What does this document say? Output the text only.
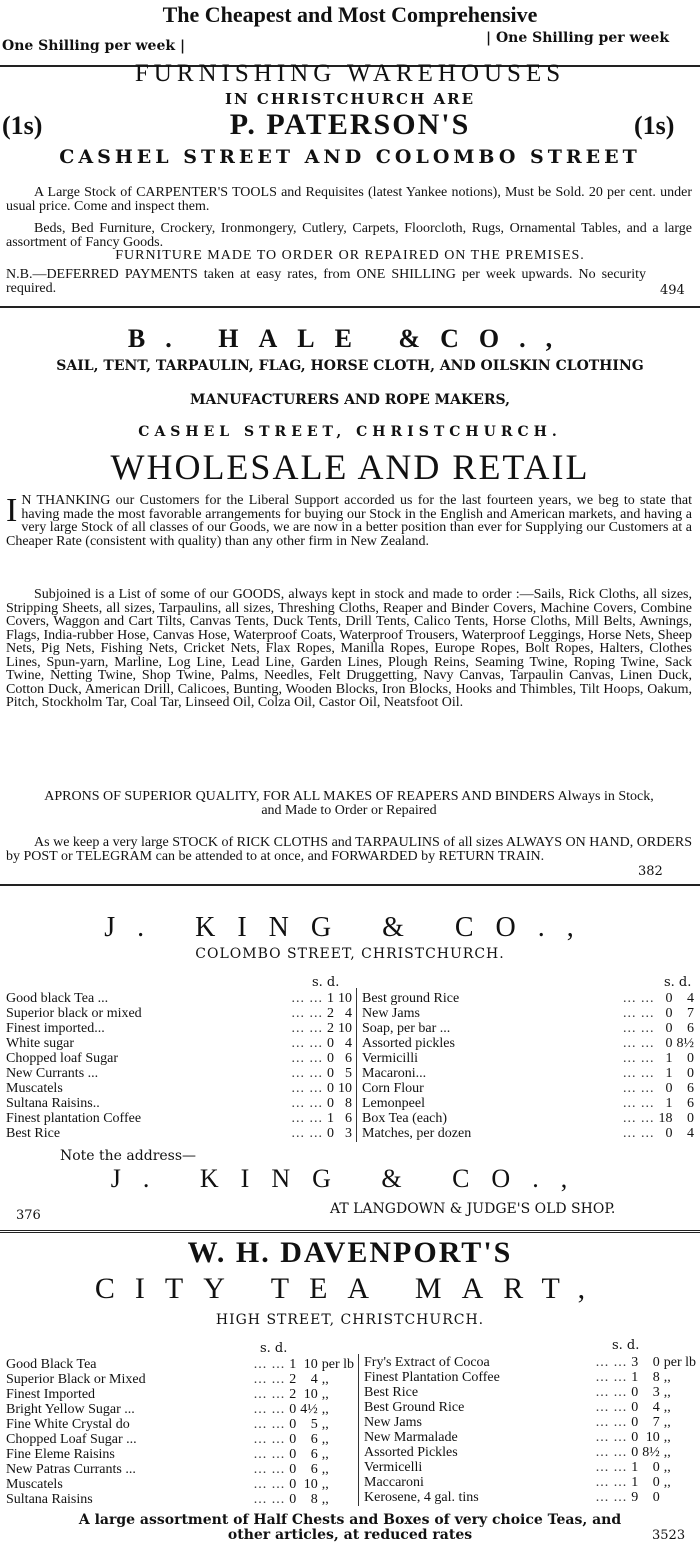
The Cheapest and Most Comprehensive
One Shilling per week |	| One Shilling per week
FURNISHING WAREHOUSES
IN CHRISTCHURCH ARE
(1s)	P. PATERSON'S	(1s)
CASHEL STREET AND COLOMBO STREET
A Large Stock of CARPENTER'S TOOLS and Requisites (latest Yankee notions), Must be Sold. 20 per cent. under usual price. Come and inspect them.
Beds, Bed Furniture, Crockery, Ironmongery, Cutlery, Carpets, Floorcloth, Rugs, Ornamental Tables, and a large assortment of Fancy Goods.
FURNITURE MADE TO ORDER OR REPAIRED ON THE PREMISES.
N.B.—DEFERRED PAYMENTS taken at easy rates, from ONE SHILLING per week upwards. No security required.	494
B. HALE &CO.,
SAIL, TENT, TARPAULIN, FLAG, HORSE CLOTH, AND OILSKIN CLOTHING
MANUFACTURERS AND ROPE MAKERS,
CASHEL STREET, CHRISTCHURCH.
WHOLESALE AND RETAIL
I N THANKING our Customers for the Liberal Support accorded us for the last fourteen years, we beg to state that having made the most favorable arrangements for buying our Stock in the English and American markets, and having a very large Stock of all classes of our Goods, we are now in a better position than ever for Supplying our Customers at a Cheaper Rate (consistent with quality) than any other firm in New Zealand.
Subjoined is a List of some of our GOODS, always kept in stock and made to order :—Sails, Rick Cloths, all sizes, Stripping Sheets, all sizes, Tarpaulins, all sizes, Threshing Cloths, Reaper and Binder Covers, Machine Covers, Combine Covers, Waggon and Cart Tilts, Canvas Tents, Duck Tents, Drill Tents, Calico Tents, Horse Cloths, Mill Belts, Awnings, Flags, India-rubber Hose, Canvas Hose, Waterproof Coats, Waterproof Trousers, Waterproof Leggings, Horse Nets, Sheep Nets, Pig Nets, Fishing Nets, Cricket Nets, Flax Ropes, Manilla Ropes, Europe Ropes, Bolt Ropes, Halters, Clothes Lines, Spun-yarn, Marline, Log Line, Lead Line, Garden Lines, Plough Reins, Seaming Twine, Roping Twine, Sack Twine, Netting Twine, Shop Twine, Palms, Needles, Felt Druggetting, Navy Canvas, Tarpaulin Canvas, Linen Duck, Cotton Duck, American Drill, Calicoes, Bunting, Wooden Blocks, Iron Blocks, Hooks and Thimbles, Tilt Hoops, Oakum, Pitch, Stockholm Tar, Coal Tar, Linseed Oil, Colza Oil, Castor Oil, Neatsfoot Oil.
APRONS OF SUPERIOR QUALITY, FOR ALL MAKES OF REAPERS AND BINDERS Always in Stock, and Made to Order or Repaired
As we keep a very large STOCK of RICK CLOTHS and TARPAULINS of all sizes ALWAYS ON HAND, ORDERS by POST or TELEGRAM can be attended to at once, and FORWARDED by RETURN TRAIN.
382
J. KING & CO.,
COLOMBO STREET, CHRISTCHURCH.
s. d.	s. d.
Good black Tea ...	... ...	1	10
Superior black or mixed	... ...	2	4
Finest imported...	... ...	2	10
White sugar	... ...	0	4
Chopped loaf Sugar	... ...	0	6
New Currants ...	... ...	0	5
Muscatels	... ...	0	10
Sultana Raisins..	... ...	0	8
Finest plantation Coffee	... ...	1	6
Best Rice	... ...	0	3
Best ground Rice	... ...	0	4
New Jams	... ...	0	7
Soap, per bar ...	... ...	0	6
Assorted pickles	... ...	0	8½
Vermicilli	... ...	1	0
Macaroni...	... ...	1	0
Corn Flour	... ...	0	6
Lemonpeel	... ...	1	6
Box Tea (each)	... ...	18	0
Matches, per dozen	... ...	0	4
Note the address—
J. KING & CO.,
376	AT LANGDOWN & JUDGE'S OLD SHOP.
W. H. DAVENPORT'S
CITY TEA MART,
HIGH STREET, CHRISTCHURCH.
s. d.	s. d.
Good Black Tea	... ...	1	10	per lb
Superior Black or Mixed	... ...	2	4	,,
Finest Imported	... ...	2	10	,,
Bright Yellow Sugar ...	... ...	0	4½	,,
Fine White Crystal do	... ...	0	5	,,
Chopped Loaf Sugar ...	... ...	0	6	,,
Fine Eleme Raisins	... ...	0	6	,,
New Patras Currants ...	... ...	0	6	,,
Muscatels	... ...	0	10	,,
Sultana Raisins	... ...	0	8	,,
Fry's Extract of Cocoa	... ...	3	0	per lb
Finest Plantation Coffee	... ...	1	8	,,
Best Rice	... ...	0	3	,,
Best Ground Rice	... ...	0	4	,,
New Jams	... ...	0	7	,,
New Marmalade	... ...	0	10	,,
Assorted Pickles	... ...	0	8½	,,
Vermicelli	... ...	1	0	,,
Maccaroni	... ...	1	0	,,
Kerosene, 4 gal. tins	... ...	9	0	
A large assortment of Half Chests and Boxes of very choice Teas, and other articles, at reduced rates	3523
